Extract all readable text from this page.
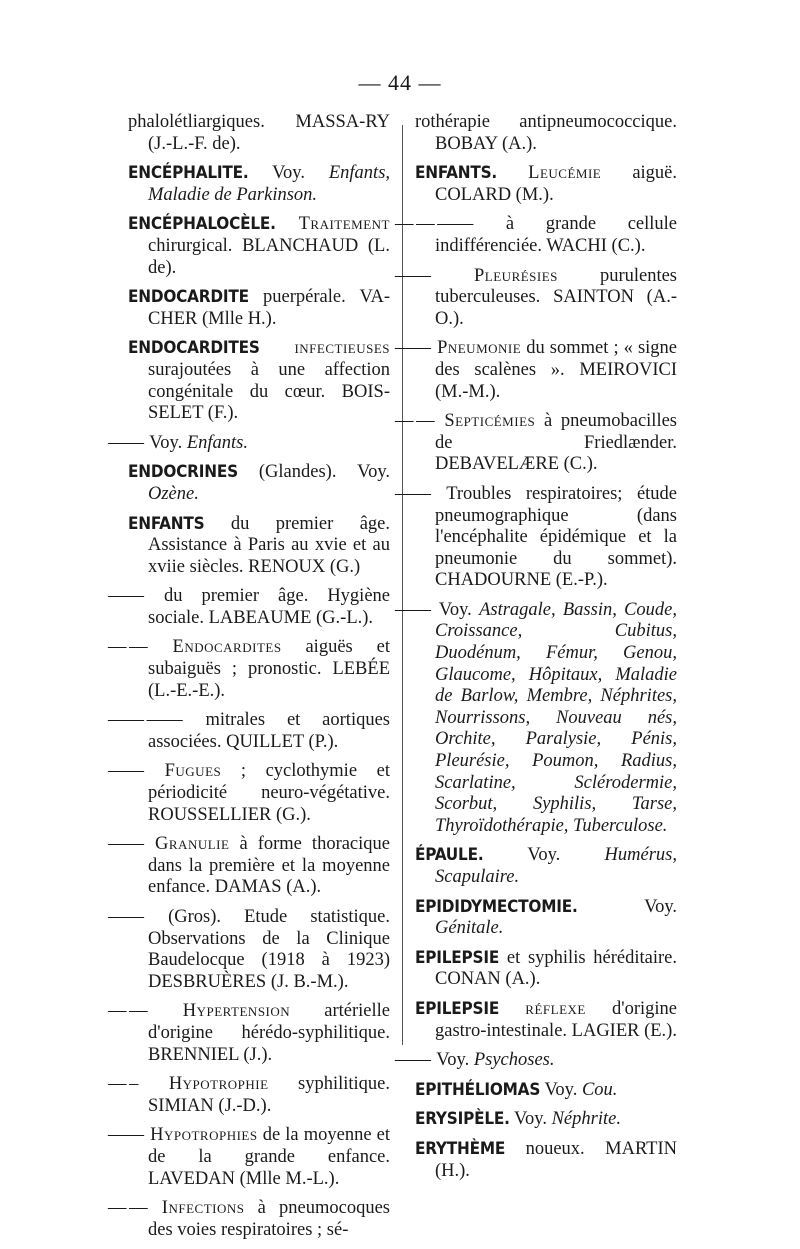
— 44 —

phalolétliargiques. MASSA-RY (J.-L.-F. de).

ENCÉPHALITE. Voy. Enfants, Maladie de Parkinson.

ENCÉPHALOCÈLE. Traitement chirurgical. BLANCHAUD (L. de).

ENDOCARDITE puerpérale. VA-CHER (Mlle H.).

ENDOCARDITES infectieuses surajoutées à une affection congénitale du cœur. BOIS-SELET (F.).

—— Voy. Enfants.

ENDOCRINES (Glandes). Voy. Ozène.

ENFANTS du premier âge. Assistance à Paris au xvie et au xviie siècles. RENOUX (G.)

—— du premier âge. Hygiène sociale. LABEAUME (G.-L.).

— — Endocardites aiguës et subaiguës ; pronostic. LEBÉE (L.-E.-E.).

—— —— mitrales et aortiques associées. QUILLET (P.).

—— Fugues ; cyclothymie et périodicité neuro-végétative. ROUSSELLIER (G.).

—— Granulie à forme thoracique dans la première et la moyenne enfance. DAMAS (A.).

—— (Gros). Etude statistique. Observations de la Clinique Baudelocque (1918 à 1923) DESBRUÈRES (J. B.-M.).

— — Hypertension artérielle d'origine hérédo-syphilitique. BRENNIEL (J.).

— – Hypotrophie syphilitique. SIMIAN (J.-D.).

—— Hypotrophies de la moyenne et de la grande enfance. LAVEDAN (Mlle M.-L.).

— — Infections à pneumocoques des voies respiratoires ; sé-

rothérapie antipneumococcique. BOBAY (A.).

ENFANTS. Leucémie aiguë. COLARD (M.).

— — —— à grande cellule indifférenciée. WACHI (C.).

—— Pleurésies purulentes tuberculeuses. SAINTON (A.-O.).

—— Pneumonie du sommet ; « signe des scalènes ». MEIROVICI (M.-M.).

— — Septicémies à pneumobacilles de Friedlænder. DEBAVELÆRE (C.).

—— Troubles respiratoires; étude pneumographique (dans l'encéphalite épidémique et la pneumonie du sommet). CHADOURNE (E.-P.).

—— Voy. Astragale, Bassin, Coude, Croissance, Cubitus, Duodénum, Fémur, Genou, Glaucome, Hôpitaux, Maladie de Barlow, Membre, Néphrites, Nourrissons, Nouveau nés, Orchite, Paralysie, Pénis, Pleurésie, Poumon, Radius, Scarlatine, Sclérodermie, Scorbut, Syphilis, Tarse, Thyroïdothérapie, Tuberculose.

ÉPAULE. Voy. Humérus, Scapulaire.

EPIDIDYMECTOMIE.	Voy. Génitale.

EPILEPSIE et syphilis héréditaire. CONAN (A.).

EPILEPSIE réflexe d'origine gastro-intestinale. LAGIER (E.).

—— Voy. Psychoses.

EPITHÉLIOMAS Voy. Cou.

ERYSIPÈLE. Voy. Néphrite.

ERYTHÈME noueux. MARTIN (H.).
